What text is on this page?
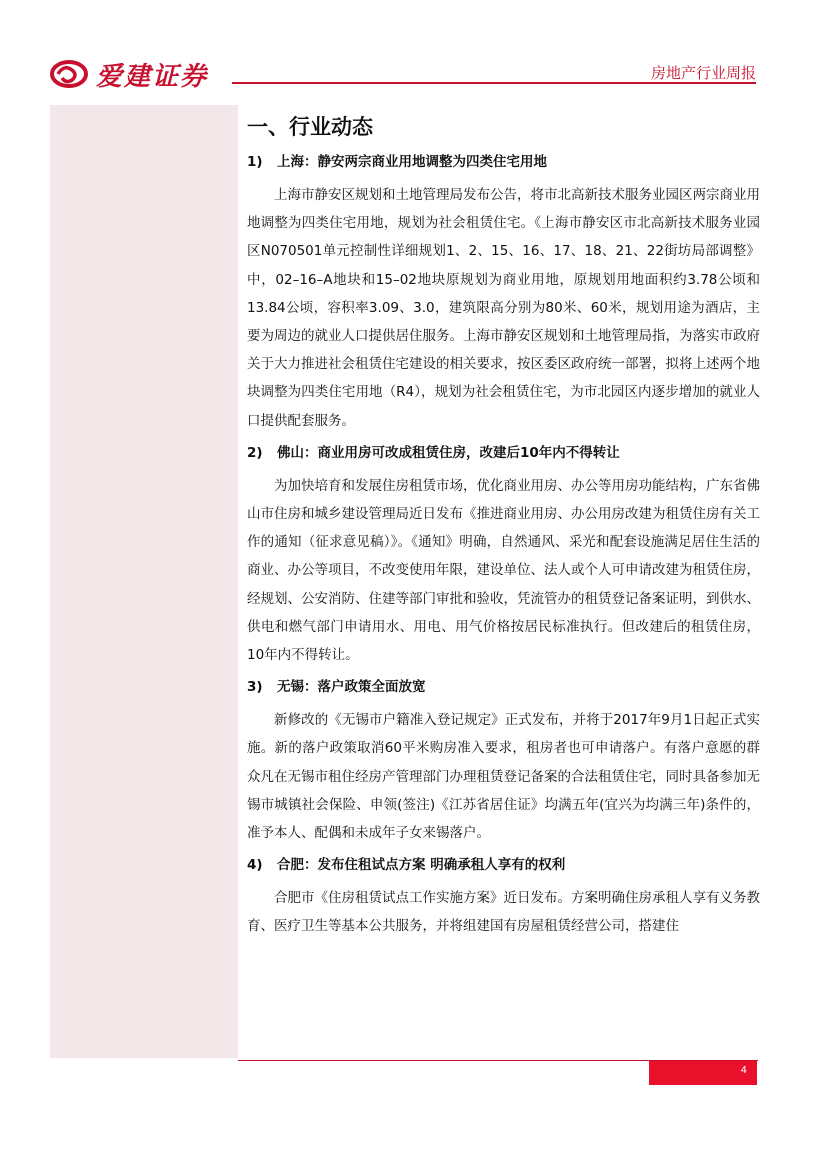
爱建证券	房地产行业周报
一、行业动态
1)	上海：静安两宗商业用地调整为四类住宅用地

上海市静安区规划和土地管理局发布公告，将市北高新技术服务业园区两宗商业用地调整为四类住宅用地，规划为社会租赁住宅。《上海市静安区市北高新技术服务业园区N070501单元控制性详细规划1、2、15、16、17、18、21、22街坊局部调整》中，02–16–A地块和15–02地块原规划为商业用地，原规划用地面积约3.78公顷和13.84公顷，容积率3.09、3.0，建筑限高分别为80米、60米，规划用途为酒店，主要为周边的就业人口提供居住服务。上海市静安区规划和土地管理局指，为落实市政府关于大力推进社会租赁住宅建设的相关要求，按区委区政府统一部署，拟将上述两个地块调整为四类住宅用地（R4），规划为社会租赁住宅，为市北园区内逐步增加的就业人口提供配套服务。

2)	佛山：商业用房可改成租赁住房，改建后10年内不得转让

为加快培育和发展住房租赁市场，优化商业用房、办公等用房功能结构，广东省佛山市住房和城乡建设管理局近日发布《推进商业用房、办公用房改建为租赁住房有关工作的通知（征求意见稿）》。《通知》明确，自然通风、采光和配套设施满足居住生活的商业、办公等项目，不改变使用年限，建设单位、法人或个人可申请改建为租赁住房，经规划、公安消防、住建等部门审批和验收，凭流管办的租赁登记备案证明，到供水、供电和燃气部门申请用水、用电、用气价格按居民标准执行。但改建后的租赁住房，10年内不得转让。

3)	无锡：落户政策全面放宽

新修改的《无锡市户籍准入登记规定》正式发布，并将于2017年9月1日起正式实施。新的落户政策取消60平米购房准入要求，租房者也可申请落户。有落户意愿的群众凡在无锡市租住经房产管理部门办理租赁登记备案的合法租赁住宅，同时具备参加无锡市城镇社会保险、申领(签注)《江苏省居住证》均满五年(宜兴为均满三年)条件的，准予本人、配偶和未成年子女来锡落户。

4)	合肥：发布住租试点方案 明确承租人享有的权利

合肥市《住房租赁试点工作实施方案》近日发布。方案明确住房承租人享有义务教育、医疗卫生等基本公共服务，并将组建国有房屋租赁经营公司，搭建住

4
